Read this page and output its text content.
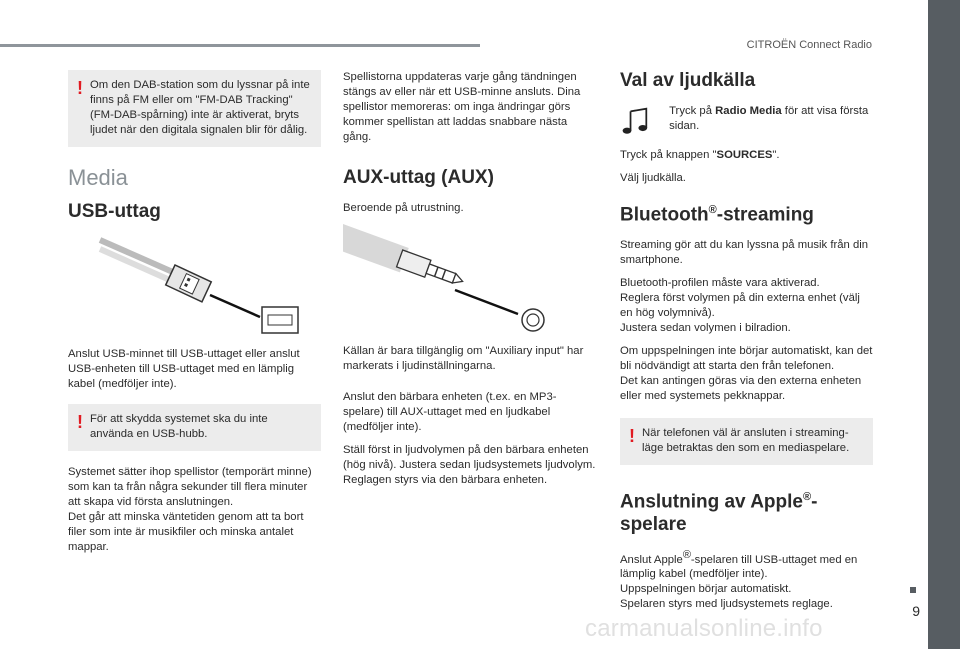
CITROËN Connect Radio
9
carmanualsonline.info
! Om den DAB-station som du lyssnar på inte finns på FM eller om "FM-DAB Tracking" (FM-DAB-spårning) inte är aktiverat, bryts ljudet när den digitala signalen blir för dålig.
Media
USB-uttag

Anslut USB-minnet till USB-uttaget eller anslut USB-enheten till USB-uttaget med en lämplig kabel (medföljer inte).

! För att skydda systemet ska du inte använda en USB-hubb.

Systemet sätter ihop spellistor (temporärt minne) som kan ta från några sekunder till flera minuter att skapa vid första anslutningen.

Det går att minska väntetiden genom att ta bort filer som inte är musikfiler och minska antalet mappar.

Spellistorna uppdateras varje gång tändningen stängs av eller när ett USB-minne ansluts. Dina spellistor memoreras: om inga ändringar görs kommer spellistan att laddas snabbare nästa gång.

AUX-uttag (AUX)

Beroende på utrustning.

Källan är bara tillgänglig om "Auxiliary input" har markerats i ljudinställningarna.

Anslut den bärbara enheten (t.ex. en MP3-spelare) till AUX-uttaget med en ljudkabel (medföljer inte).

Ställ först in ljudvolymen på den bärbara enheten (hög nivå). Justera sedan ljudsystemets ljudvolym.

Reglagen styrs via den bärbara enheten.

Val av ljudkälla
Tryck på Radio Media för att visa första sidan.

Tryck på knappen "SOURCES".

Välj ljudkälla.

Bluetooth®-streaming

Streaming gör att du kan lyssna på musik från din smartphone.

Bluetooth-profilen måste vara aktiverad.

Reglera först volymen på din externa enhet (välj en hög volymnivå).

Justera sedan volymen i bilradion.

Om uppspelningen inte börjar automatiskt, kan det bli nödvändigt att starta den från telefonen.

Det kan antingen göras via den externa enheten eller med systemets pekknappar.

! När telefonen väl är ansluten i streaming-läge betraktas den som en mediaspelare.
Anslutning av Apple®-spelare

Anslut Apple®-spelaren till USB-uttaget med en lämplig kabel (medföljer inte).

Uppspelningen börjar automatiskt.

Spelaren styrs med ljudsystemets reglage.
